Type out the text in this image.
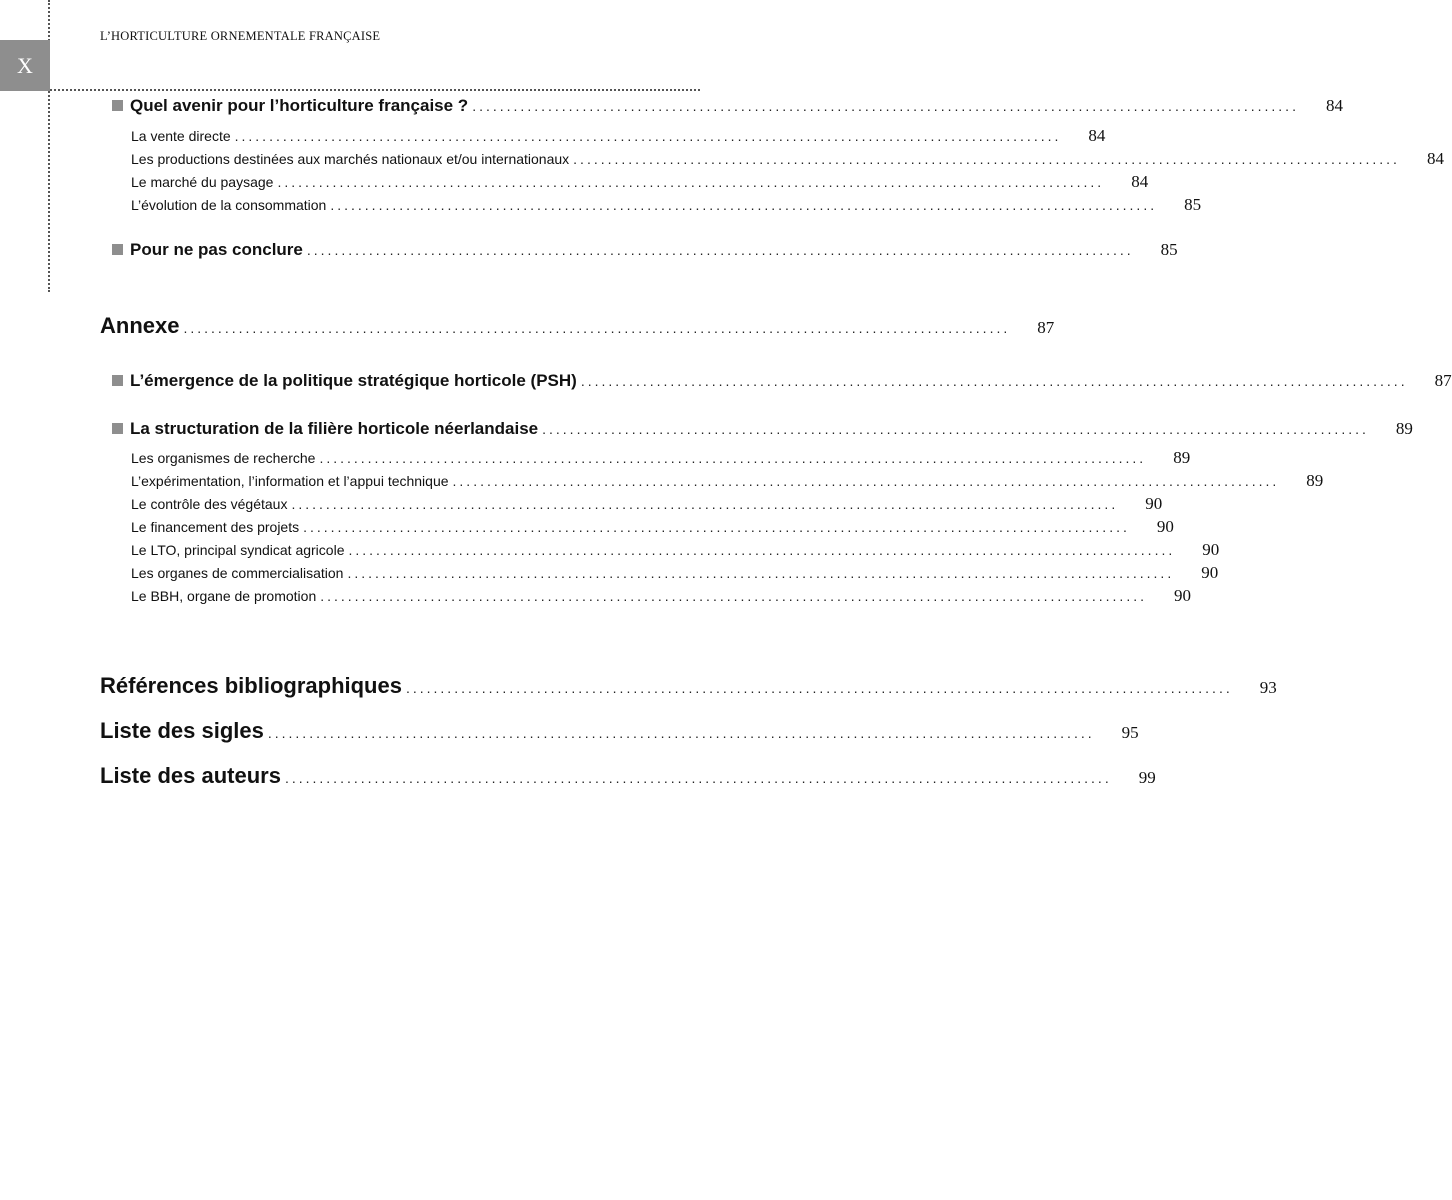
X
L’HORTICULTURE ORNEMENTALE FRANÇAISE
Quel avenir pour l’horticulture française ? ........................................................................................................................	84
La vente directe ........................................................................................................................	84
Les productions destinées aux marchés nationaux et/ou internationaux ........................................................................................................................	84
Le marché du paysage ........................................................................................................................	84
L’évolution de la consommation ........................................................................................................................	85
Pour ne pas conclure ........................................................................................................................	85
Annexe ........................................................................................................................	87
L’émergence de la politique stratégique horticole (PSH) ........................................................................................................................	87
La structuration de la filière horticole néerlandaise ........................................................................................................................	89
Les organismes de recherche ........................................................................................................................	89
L’expérimentation, l’information et l’appui technique ........................................................................................................................	89
Le contrôle des végétaux ........................................................................................................................	90
Le financement des projets ........................................................................................................................	90
Le LTO, principal syndicat agricole ........................................................................................................................	90
Les organes de commercialisation ........................................................................................................................	90
Le BBH, organe de promotion ........................................................................................................................	90
Références bibliographiques ........................................................................................................................	93
Liste des sigles ........................................................................................................................	95
Liste des auteurs ........................................................................................................................	99
